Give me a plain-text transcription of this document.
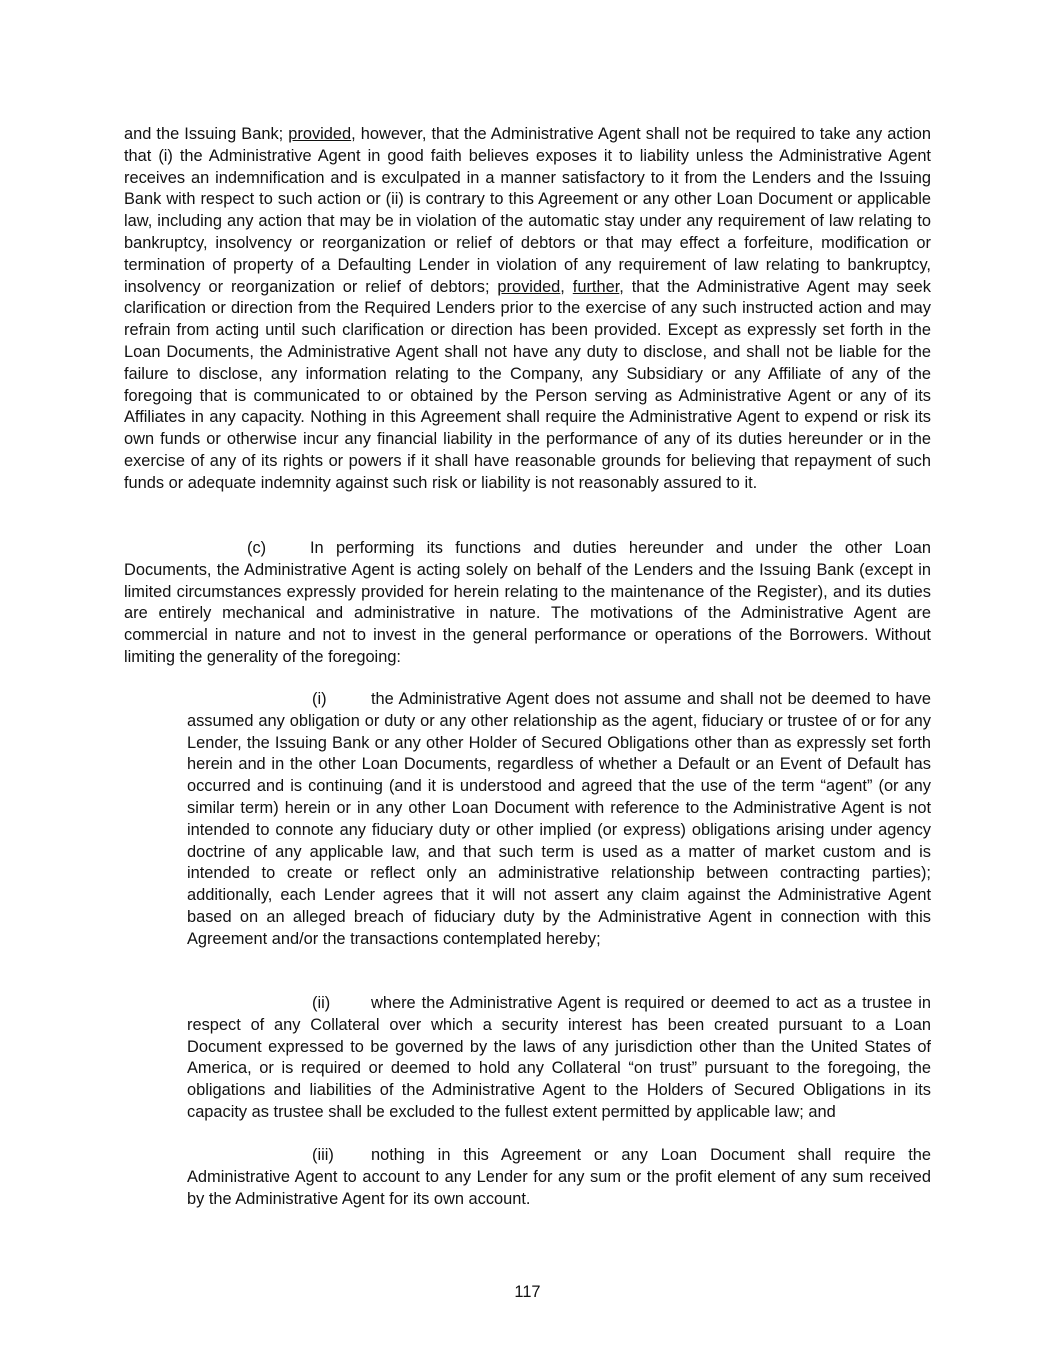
and the Issuing Bank; provided, however, that the Administrative Agent shall not be required to take any action that (i) the Administrative Agent in good faith believes exposes it to liability unless the Administrative Agent receives an indemnification and is exculpated in a manner satisfactory to it from the Lenders and the Issuing Bank with respect to such action or (ii) is contrary to this Agreement or any other Loan Document or applicable law, including any action that may be in violation of the automatic stay under any requirement of law relating to bankruptcy, insolvency or reorganization or relief of debtors or that may effect a forfeiture, modification or termination of property of a Defaulting Lender in violation of any requirement of law relating to bankruptcy, insolvency or reorganization or relief of debtors; provided, further, that the Administrative Agent may seek clarification or direction from the Required Lenders prior to the exercise of any such instructed action and may refrain from acting until such clarification or direction has been provided. Except as expressly set forth in the Loan Documents, the Administrative Agent shall not have any duty to disclose, and shall not be liable for the failure to disclose, any information relating to the Company, any Subsidiary or any Affiliate of any of the foregoing that is communicated to or obtained by the Person serving as Administrative Agent or any of its Affiliates in any capacity. Nothing in this Agreement shall require the Administrative Agent to expend or risk its own funds or otherwise incur any financial liability in the performance of any of its duties hereunder or in the exercise of any of its rights or powers if it shall have reasonable grounds for believing that repayment of such funds or adequate indemnity against such risk or liability is not reasonably assured to it.

(c)	In performing its functions and duties hereunder and under the other Loan Documents, the Administrative Agent is acting solely on behalf of the Lenders and the Issuing Bank (except in limited circumstances expressly provided for herein relating to the maintenance of the Register), and its duties are entirely mechanical and administrative in nature. The motivations of the Administrative Agent are commercial in nature and not to invest in the general performance or operations of the Borrowers. Without limiting the generality of the foregoing:

(i)	the Administrative Agent does not assume and shall not be deemed to have assumed any obligation or duty or any other relationship as the agent, fiduciary or trustee of or for any Lender, the Issuing Bank or any other Holder of Secured Obligations other than as expressly set forth herein and in the other Loan Documents, regardless of whether a Default or an Event of Default has occurred and is continuing (and it is understood and agreed that the use of the term “agent” (or any similar term) herein or in any other Loan Document with reference to the Administrative Agent is not intended to connote any fiduciary duty or other implied (or express) obligations arising under agency doctrine of any applicable law, and that such term is used as a matter of market custom and is intended to create or reflect only an administrative relationship between contracting parties); additionally, each Lender agrees that it will not assert any claim against the Administrative Agent based on an alleged breach of fiduciary duty by the Administrative Agent in connection with this Agreement and/or the transactions contemplated hereby;

(ii) where the Administrative Agent is required or deemed to act as a trustee in respect of any Collateral over which a security interest has been created pursuant to a Loan Document expressed to be governed by the laws of any jurisdiction other than the United States of America, or is required or deemed to hold any Collateral “on trust” pursuant to the foregoing, the obligations and liabilities of the Administrative Agent to the Holders of Secured Obligations in its capacity as trustee shall be excluded to the fullest extent permitted by applicable law; and

(iii) nothing in this Agreement or any Loan Document shall require the Administrative Agent to account to any Lender for any sum or the profit element of any sum received by the Administrative Agent for its own account.

117
